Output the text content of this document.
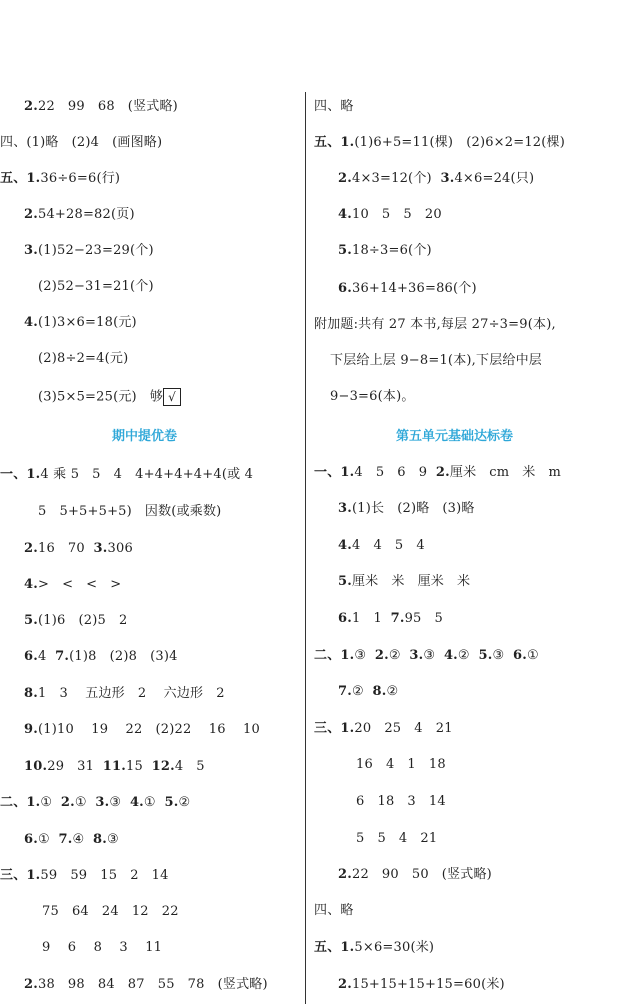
2.22   99   68   (竖式略)
四、(1)略   (2)4   (画图略)
五、1.36÷6=6(行)
2.54+28=82(页)
3.(1)52−23=29(个)
(2)52−31=21(个)
4.(1)3×6=18(元)
(2)8÷2=4(元)
(3)5×5=25(元)   够 √
期中提优卷
一、1.4 乘 5   5   4   4+4+4+4+4(或 4
5   5+5+5+5)   因数(或乘数)
2.16   70  3.306
4.>   <   <   >
5.(1)6   (2)5   2
6.4  7.(1)8   (2)8   (3)4
8.1   3    五边形   2    六边形   2
9.(1)10    19    22   (2)22    16    10
10.29   31  11.15  12.4   5
二、1.①  2.①  3.③  4.①  5.②
6.①  7.④  8.③
三、1.59   59   15   2   14
75   64   24   12   22
9    6    8    3    11
2.38   98   84   87   55   78   (竖式略)
四、略
五、1.(1)6+5=11(棵)   (2)6×2=12(棵)
2.4×3=12(个)  3.4×6=24(只)
4.10   5   5   20
5.18÷3=6(个)
6.36+14+36=86(个)
附加题:共有 27 本书,每层 27÷3=9(本),
下层给上层 9−8=1(本),下层给中层
9−3=6(本)。
第五单元基础达标卷
一、1.4   5   6   9  2.厘米   cm   米   m
3.(1)长   (2)略   (3)略
4.4   4   5   4
5.厘米   米   厘米   米
6.1   1  7.95   5
二、1.③  2.②  3.③  4.②  5.③  6.①
7.②  8.②
三、1.20   25   4   21
16   4   1   18
6   18   3   14
5   5   4   21
2.22   90   50   (竖式略)
四、略
五、1.5×6=30(米)
2.15+15+15+15=60(米)
